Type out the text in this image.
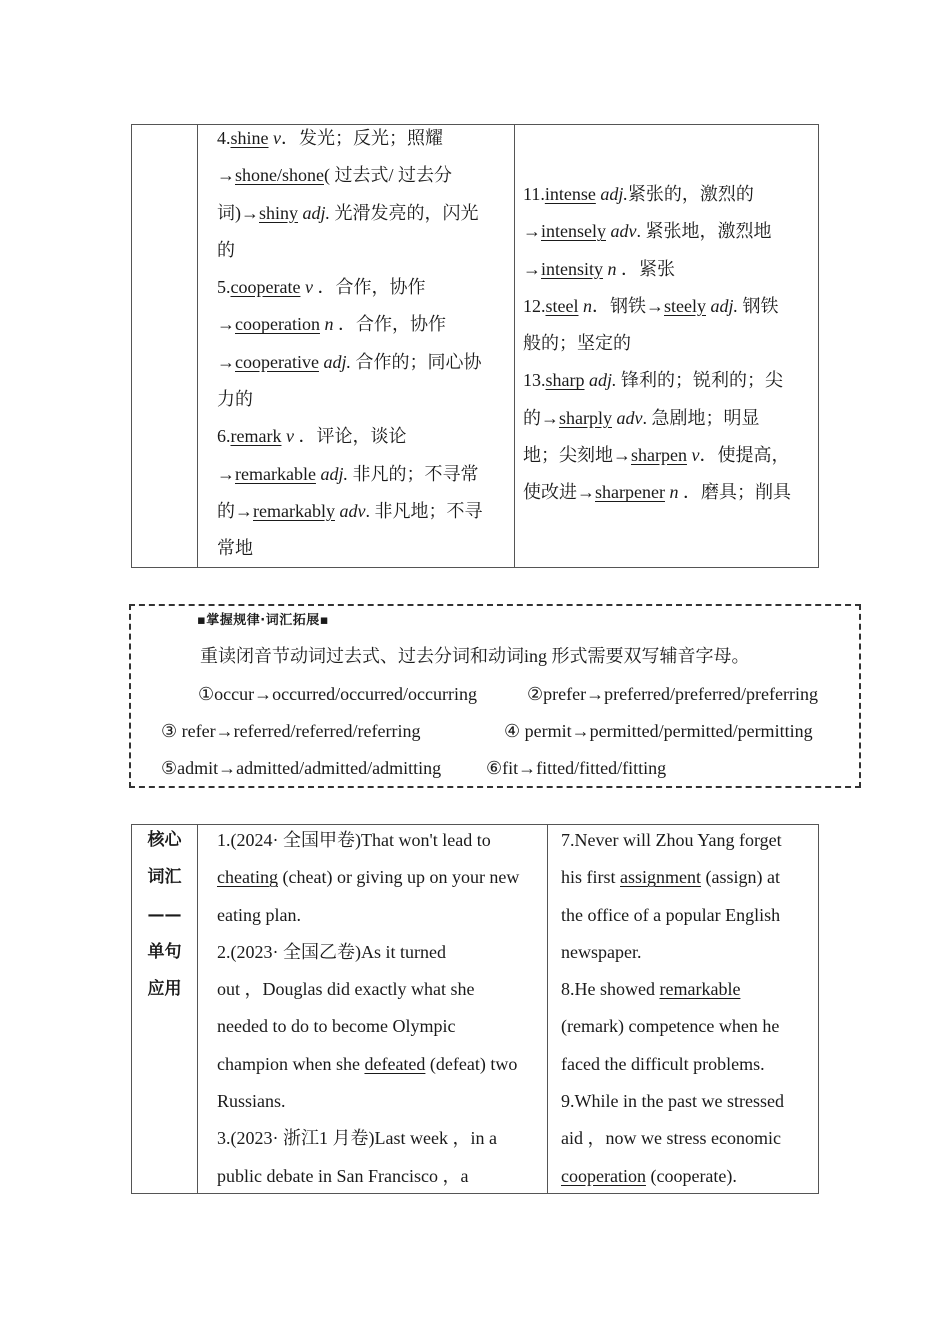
4.shine v．发光；反光；照耀
→shone/shone( 过去式/ 过去分
词)→shiny adj. 光滑发亮的，闪光
的
5.cooperate v ．合作，协作
→cooperation n ．合作，协作
→cooperative adj. 合作的；同心协
力的
6.remark v ．评论，谈论
→remarkable adj. 非凡的；不寻常
的→remarkably adv. 非凡地；不寻
常地
11.intense adj.紧张的，激烈的
→intensely adv. 紧张地，激烈地
→intensity n ．紧张
12.steel n．钢铁→steely adj. 钢铁
般的；坚定的
13.sharp adj. 锋利的；锐利的；尖
的→sharply adv. 急剧地；明显
地；尖刻地→sharpen v．使提高，
使改进→sharpener n ．磨具；削具
▪掌握规律·词汇拓展▪
重读闭音节动词过去式、过去分词和动词ing 形式需要双写辅音字母。
①occur→occurred/occurred/occurring	②prefer→preferred/preferred/preferring
③ refer→referred/referred/referring	④ permit→permitted/permitted/permitting
⑤admit→admitted/admitted/admitting ⑥fit→fitted/fitted/fitting
核心
词汇
——
单句
应用
1.(2024· 全国甲卷)That won't lead to
cheating (cheat) or giving up on your new
eating plan.
2.(2023· 全国乙卷)As it turned
out ，Douglas did exactly what she
needed to do to become Olympic
champion when she defeated (defeat) two
Russians.
3.(2023· 浙江1 月卷)Last week ，in a
public debate in San Francisco ，a
7.Never will Zhou Yang forget
his first assignment (assign) at
the office of a popular English
newspaper.
8.He showed remarkable
(remark) competence when he
faced the difficult problems.
9.While in the past we stressed
aid ，now we stress economic
cooperation (cooperate).
